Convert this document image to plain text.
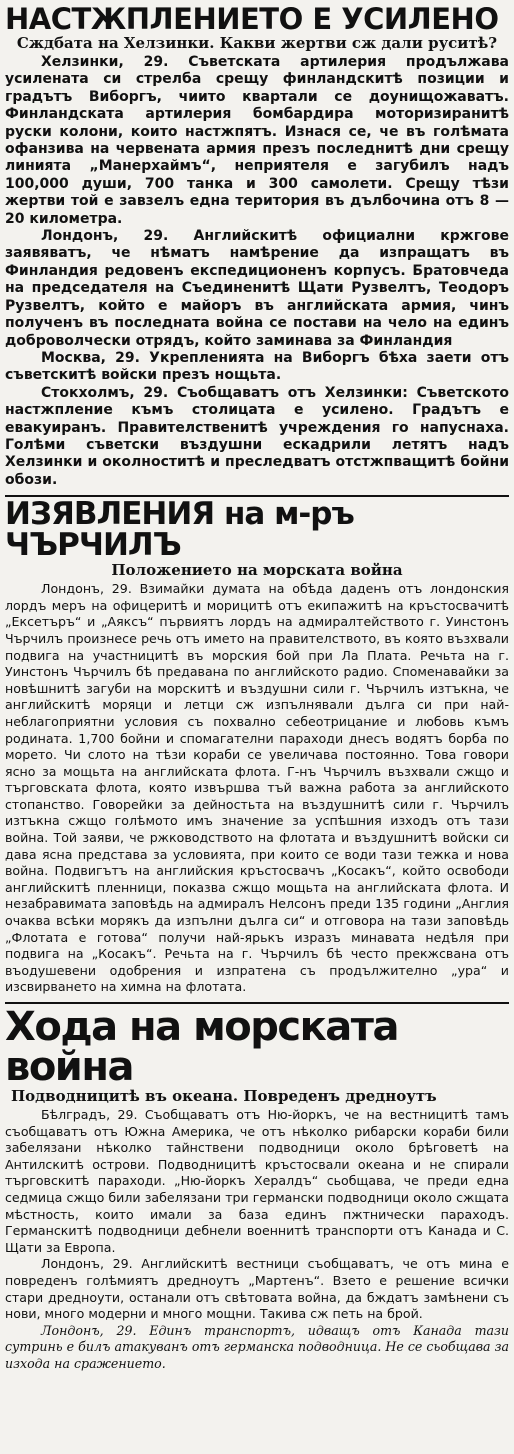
НАСТЖПЛЕНИЕТО Е УСИЛЕНО
Сждбата на Хелзинки. Какви жертви сж дали руситѣ?

Хелзинки, 29. Съветската артилерия продължава усилената си стрелба срещу финландскитѣ позиции и градътъ Виборгъ, чиито квартали се доунищожаватъ. Финландската артилерия бомбардира моторизиранитѣ руски колони, които настжпятъ. Изнася се, че въ голѣмата офанзива на червената армия презъ последнитѣ дни срещу линията „Манерхаймъ“, неприятеля е загубилъ надъ 100,000 души, 700 танка и 300 самолети. Срещу тѣзи жертви той е завзелъ една територия въ дълбочина отъ 8 — 20 километра.

Лондонъ, 29. Английскитѣ официални кржгове заявяватъ, че нѣматъ намѣрение да изпращатъ въ Финландия редовенъ експедиционенъ корпусъ. Братовчеда на председателя на Съединенитѣ Щати Рузвелтъ, Теодоръ Рузвелтъ, който е майоръ въ английската армия, чинъ полученъ въ последната война се постави на чело на единъ доброволчески отрядъ, който заминава за Финландия

Москва, 29. Укрепленията на Виборгъ бѣха заети отъ съветскитѣ войски презъ нощьта.

Стокхолмъ, 29. Съобщаватъ отъ Хелзинки: Съветското настжпление къмъ столицата е усилено. Градътъ е евакуиранъ. Правителственитѣ учреждения го напуснаха. Голѣми съветски въздушни ескадрили летятъ надъ Хелзинки и околноститѣ и преследватъ отстжпващитѣ бойни обози.

ИЗЯВЛЕНИЯ на м-ръ ЧЪРЧИЛЪ
Положението на морската война

Лондонъ, 29. Взимайки думата на обѣда даденъ отъ лондонския лордъ меръ на офицеритѣ и морицитѣ отъ екипажитѣ на кръстосвачитѣ „Ексетъръ“ и „Аяксъ“ първиятъ лордъ на адмиралтейството г. Уинстонъ Чърчилъ произнесе речь отъ името на правителството, въ която възхвали подвига на участницитѣ въ морския бой при Ла Плата. Речьта на г. Уинстонъ Чърчилъ бѣ предавана по английското радио. Споменавайки за новѣшнитѣ загуби на морскитѣ и въздушни сили г. Чърчилъ изтъкна, че английскитѣ моряци и летци сж изпълнявали дълга си при най-неблагоприятни условия съ похвално себеотрицание и любовь къмъ родината. 1,700 бойни и спомагателни параходи днесъ водятъ борба по морето. Чи слото на тѣзи кораби се увеличава постоянно. Това говори ясно за мощьта на английската флота. Г-нъ Чърчилъ възхвали сжщо и търговската флота, която извършва тъй важна работа за английското стопанство. Говорейки за дейностьта на въздушнитѣ сили г. Чърчилъ изтъкна сжщо голѣмото имъ значение за успѣшния изходъ отъ тази война. Той заяви, че ржководството на флотата и въздушнитѣ войски си дава ясна представа за условията, при които се води тази тежка и нова война. Подвигътъ на английския кръстосвачъ „Косакъ“, който освободи английскитѣ пленници, показва сжщо мощьта на английската флота. И незабравимата заповѣдь на адмиралъ Нелсонъ преди 135 години „Англия очаква всѣки морякъ да изпълни дълга си“ и отговора на тази заповѣдь „Флотата е готова“ получи най-ярькъ изразъ минавата недѣля при подвига на „Косакъ“. Речьта на г. Чърчилъ бѣ често прекжсвана отъ въодушевени одобрения и изпратена съ продължително „ура“ и изсвирването на химна на флотата.

Хода на морската война
Подводницитѣ въ океана. Повреденъ дредноутъ

Бѣлградъ, 29. Съобщаватъ отъ Ню-йоркъ, че на вестницитѣ тамъ съобщаватъ отъ Южна Америка, че отъ нѣколко рибарски кораби били забелязани нѣколко тайнствени подводници около брѣговетѣ на Антилскитѣ острови. Подводницитѣ кръстосвали океана и не спирали търговскитѣ параходи. „Ню-йоркъ Хералдъ“ сьобщава, че преди една седмица сжщо били забелязани три германски подводници около сжщата мѣстность, които имали за база единъ пжтнически параходъ. Германскитѣ подводници дебнели военнитѣ транспорти отъ Канада и С. Щати за Европа.

Лондонъ, 29. Английскитѣ вестници съобщаватъ, че отъ мина е повреденъ голѣмиятъ дредноутъ „Мартенъ“. Взето е решение всички стари дредноути, останали отъ свѣтовата война, да бждатъ замѣнени съ нови, много модерни и много мощни. Такива сж петь на брой.

Лондонъ, 29. Единъ транспортъ, идващъ отъ Канада тази сутринь е билъ атакуванъ отъ германска подводница. Не се сьобщава за изхода на сражението.
